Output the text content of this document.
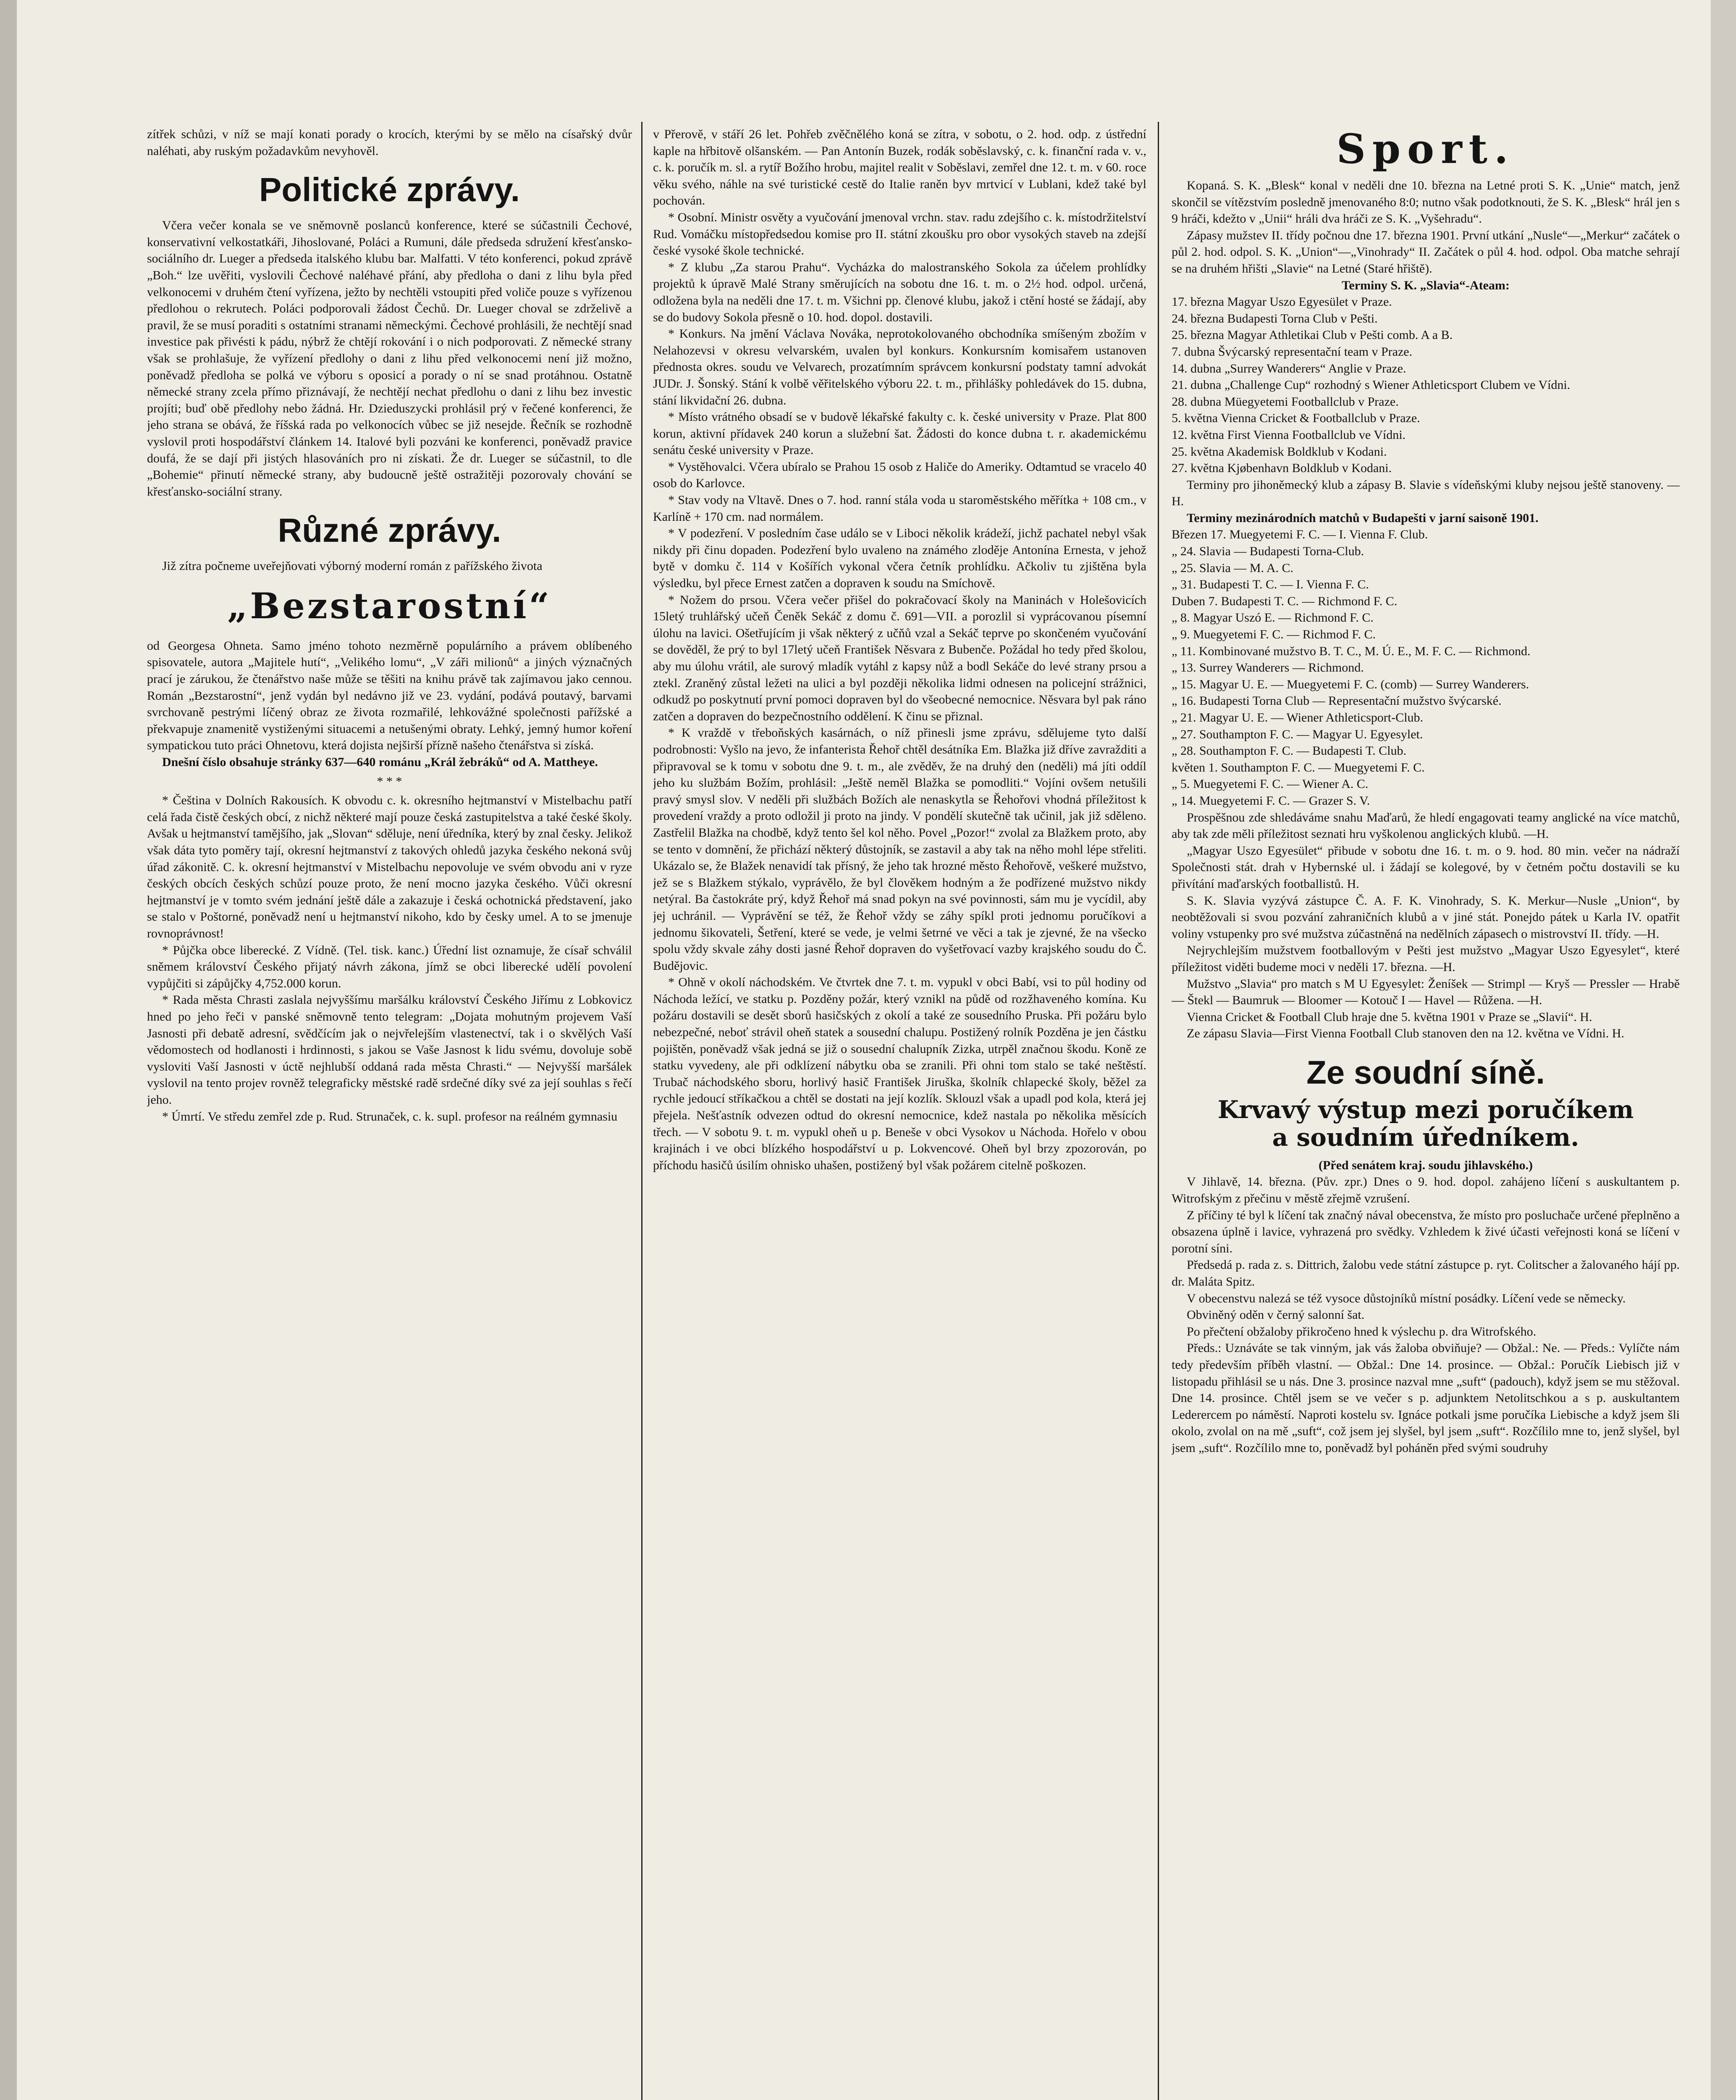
zítřek schůzi, v níž se mají konati porady o krocích, kterými by se mělo na císařský dvůr naléhati, aby ruským požadavkům nevyhověl.

Politické zprávy.

Včera večer konala se ve sněmovně poslanců konference, které se súčastnili Čechové, konservativní velkostatkáři, Jihoslované, Poláci a Rumuni, dále předseda sdružení křesťansko-sociálního dr. Lueger a předseda italského klubu bar. Malfatti. V této konferenci, pokud zprávě „Boh.“ lze uvěřiti, vyslovili Čechové naléhavé přání, aby předloha o dani z lihu byla před velkonocemi v druhém čtení vyřízena, ježto by nechtěli vstoupiti před voliče pouze s vyřízenou předlohou o rekrutech. Poláci podporovali žádost Čechů. Dr. Lueger choval se zdrželivě a pravil, že se musí poraditi s ostatními stranami německými. Čechové prohlásili, že nechtějí snad investice pak přivésti k pádu, nýbrž že chtějí rokování i o nich podporovati. Z německé strany však se prohlašuje, že vyřízení předlohy o dani z lihu před velkonocemi není již možno, poněvadž předloha se polká ve výboru s oposicí a porady o ní se snad protáhnou. Ostatně německé strany zcela přímo přiznávají, že nechtějí nechat předlohu o dani z lihu bez investic projíti; buď obě předlohy nebo žádná. Hr. Dzieduszycki prohlásil prý v řečené konferenci, že jeho strana se obává, že říšská rada po velkonocích vůbec se již nesejde. Řečník se rozhodně vyslovil proti hospodářství článkem 14. Italové byli pozváni ke konferenci, poněvadž pravice doufá, že se dají při jistých hlasováních pro ni získati. Že dr. Lueger se súčastnil, to dle „Bohemie“ přinutí německé strany, aby budoucně ještě ostražitěji pozorovaly chování se křesťansko-sociální strany.

Různé zprávy.

Již zítra počneme uveřejňovati výborný moderní román z pařížského života

„Bezstarostní“

od Georgesa Ohneta. Samo jméno tohoto nezměrně populárního a právem oblíbeného spisovatele, autora „Majitele hutí“, „Velikého lomu“, „V záři milionů“ a jiných význačných prací je zárukou, že čtenářstvo naše může se těšiti na knihu právě tak zajímavou jako cennou. Román „Bezstarostní“, jenž vydán byl nedávno již ve 23. vydání, podává poutavý, barvami svrchovaně pestrými líčený obraz ze života rozmařilé, lehkovážné společnosti pařížské a překvapuje znamenitě vystiženými situacemi a netušenými obraty. Lehký, jemný humor koření sympatickou tuto práci Ohnetovu, která dojista nejširší přízně našeho čtenářstva si získá.

Dnešní číslo obsahuje stránky 637—640 románu „Král žebráků“ od A. Mattheye.

* * *

* Čeština v Dolních Rakousích. K obvodu c. k. okresního hejtmanství v Mistelbachu patří celá řada čistě českých obcí, z nichž některé mají pouze česká zastupitelstva a také české školy. Avšak u hejtmanství tamějšího, jak „Slovan“ sděluje, není úředníka, který by znal česky. Jelikož však dáta tyto poměry tají, okresní hejtmanství z takových ohledů jazyka českého nekoná svůj úřad zákonitě. C. k. okresní hejtmanství v Mistelbachu nepovoluje ve svém obvodu ani v ryze českých obcích českých schůzí pouze proto, že není mocno jazyka českého. Vůči okresní hejtmanství je v tomto svém jednání ještě dále a zakazuje i česká ochotnická představení, jako se stalo v Poštorné, poněvadž není u hejtmanství nikoho, kdo by česky umel. A to se jmenuje rovnoprávnost!

* Půjčka obce liberecké. Z Vídně. (Tel. tisk. kanc.) Úřední list oznamuje, že císař schválil sněmem království Českého přijatý návrh zákona, jímž se obci liberecké udělí povolení vypůjčiti si zápůjčky 4,752.000 korun.

* Rada města Chrasti zaslala nejvyššímu maršálku království Českého Jiřímu z Lobkovicz hned po jeho řeči v panské sněmovně tento telegram: „Dojata mohutným projevem Vaší Jasnosti při debatě adresní, svědčícím jak o nejvřelejším vlastenectví, tak i o skvělých Vaší vědomostech od hodlanosti i hrdinnosti, s jakou se Vaše Jasnost k lidu svému, dovoluje sobě vysloviti Vaší Jasnosti v úctě nejhlubší oddaná rada města Chrasti.“ — Nejvyšší maršálek vyslovil na tento projev rovněž telegraficky městské radě srdečné díky své za její souhlas s řečí jeho.

* Úmrtí. Ve středu zemřel zde p. Rud. Strunaček, c. k. supl. profesor na reálném gymnasiu

v Přerově, v stáří 26 let. Pohřeb zvěčnělého koná se zítra, v sobotu, o 2. hod. odp. z ústřední kaple na hřbitově olšanském. — Pan Antonín Buzek, rodák soběslavský, c. k. finanční rada v. v., c. k. poručík m. sl. a rytíř Božího hrobu, majitel realit v Soběslavi, zemřel dne 12. t. m. v 60. roce věku svého, náhle na své turistické cestě do Italie raněn byv mrtvicí v Lublani, kdež také byl pochován.

* Osobní. Ministr osvěty a vyučování jmenoval vrchn. stav. radu zdejšího c. k. místodržitelství Rud. Vomáčku místopředsedou komise pro II. státní zkoušku pro obor vysokých staveb na zdejší české vysoké škole technické.

* Z klubu „Za starou Prahu“. Vycházka do malostranského Sokola za účelem prohlídky projektů k úpravě Malé Strany směrujících na sobotu dne 16. t. m. o 2½ hod. odpol. určená, odložena byla na neděli dne 17. t. m. Všichni pp. členové klubu, jakož i ctění hosté se žádají, aby se do budovy Sokola přesně o 10. hod. dopol. dostavili.

* Konkurs. Na jmění Václava Nováka, neprotokolovaného obchodníka smíšeným zbožím v Nelahozevsi v okresu velvarském, uvalen byl konkurs. Konkursním komisařem ustanoven přednosta okres. soudu ve Velvarech, prozatímním správcem konkursní podstaty tamní advokát JUDr. J. Šonský. Stání k volbě věřitelského výboru 22. t. m., přihlášky pohledávek do 15. dubna, stání likvidační 26. dubna.

* Místo vrátného obsadí se v budově lékařské fakulty c. k. české university v Praze. Plat 800 korun, aktivní přídavek 240 korun a služební šat. Žádosti do konce dubna t. r. akademickému senátu české university v Praze.

* Vystěhovalci. Včera ubíralo se Prahou 15 osob z Haliče do Ameriky. Odtamtud se vracelo 40 osob do Karlovce.

* Stav vody na Vltavě. Dnes o 7. hod. ranní stála voda u staroměstského měřítka + 108 cm., v Karlíně + 170 cm. nad normálem.

* V podezření. V posledním čase událo se v Liboci několik krádeží, jichž pachatel nebyl však nikdy při činu dopaden. Podezření bylo uvaleno na známého zloděje Antonína Ernesta, v jehož bytě v domku č. 114 v Košířích vykonal včera četník prohlídku. Ačkoliv tu zjištěna byla výsledku, byl přece Ernest zatčen a dopraven k soudu na Smíchově.

* Nožem do prsou. Včera večer přišel do pokračovací školy na Maninách v Holešovicích 15letý truhlářský učeň Čeněk Sekáč z domu č. 691—VII. a porozlil si vyprácovanou písemní úlohu na lavici. Ošetřujícím ji však některý z učňů vzal a Sekáč teprve po skončeném vyučování se dověděl, že prý to byl 17letý učeň František Něsvara z Bubenče. Požádal ho tedy před školou, aby mu úlohu vrátil, ale surový mladík vytáhl z kapsy nůž a bodl Sekáče do levé strany prsou a ztekl. Zraněný zůstal ležeti na ulici a byl později několika lidmi odnesen na policejní strážnici, odkudž po poskytnutí první pomoci dopraven byl do všeobecné nemocnice. Něsvara byl pak ráno zatčen a dopraven do bezpečnostního oddělení. K činu se přiznal.

* K vraždě v třeboňských kasárnách, o níž přinesli jsme zprávu, sdělujeme tyto další podrobnosti: Vyšlo na jevo, že infanterista Řehoř chtěl desátníka Em. Blažka již dříve zavražditi a připravoval se k tomu v sobotu dne 9. t. m., ale zvěděv, že na druhý den (neděli) má jíti oddíl jeho ku službám Božím, prohlásil: „Ještě neměl Blažka se pomodliti.“ Vojíni ovšem netušili pravý smysl slov. V neděli při službách Božích ale nenaskytla se Řehořovi vhodná příležitost k provedení vraždy a proto odložil ji proto na jindy. V pondělí skutečně tak učinil, jak již sděleno. Zastřelil Blažka na chodbě, když tento šel kol něho. Povel „Pozor!“ zvolal za Blažkem proto, aby se tento v domnění, že přichází některý důstojník, se zastavil a aby tak na něho mohl lépe střeliti. Ukázalo se, že Blažek nenavidí tak přísný, že jeho tak hrozné město Řehořově, veškeré mužstvo, jež se s Blažkem stýkalo, vyprávělo, že byl člověkem hodným a že podřízené mužstvo nikdy netýral. Ba častokráte prý, když Řehoř má snad pokyn na své povinnosti, sám mu je vycídil, aby jej uchránil. — Vyprávění se též, že Řehoř vždy se záhy spíkl proti jednomu poručíkovi a jednomu šikovateli, Šetření, které se vede, je velmi šetrné ve věci a tak je zjevné, že na všecko spolu vždy skvale záhy dosti jasné Řehoř dopraven do vyšetřovací vazby krajského soudu do Č. Budějovic.

* Ohně v okolí náchodském. Ve čtvrtek dne 7. t. m. vypukl v obci Babí, vsi to půl hodiny od Náchoda ležící, ve statku p. Pozděny požár, který vznikl na půdě od rozžhaveného komína. Ku požáru dostavili se desět sborů hasičských z okolí a také ze sousedního Pruska. Při požáru bylo nebezpečné, neboť strávil oheň statek a sousední chalupu. Postižený rolník Pozděna je jen částku pojištěn, poněvadž však jedná se již o sousední chalupník Zizka, utrpěl značnou škodu. Koně ze statku vyvedeny, ale při odklízení nábytku oba se zranili. Při ohni tom stalo se také neštěstí. Trubač náchodského sboru, horlivý hasič František Jiruška, školník chlapecké školy, běžel za rychle jedoucí stříkačkou a chtěl se dostati na její kozlík. Sklouzl však a upadl pod kola, která jej přejela. Nešťastník odvezen odtud do okresní nemocnice, kdež nastala po několika měsících třech. — V sobotu 9. t. m. vypukl oheň u p. Beneše v obci Vysokov u Náchoda. Hořelo v obou krajinách i ve obci blízkého hospodářství u p. Lokvencové. Oheň byl brzy zpozorován, po příchodu hasičů úsilím ohnisko uhašen, postižený byl však požárem citelně poškozen.

Sport.

Kopaná. S. K. „Blesk“ konal v neděli dne 10. března na Letné proti S. K. „Unie“ match, jenž skončil se vítězstvím posledně jmenovaného 8:0; nutno však podotknouti, že S. K. „Blesk“ hrál jen s 9 hráči, kdežto v „Unii“ hráli dva hráči ze S. K. „Vyšehradu“.

Zápasy mužstev II. třídy počnou dne 17. března 1901. První utkání „Nusle“—„Merkur“ začátek o půl 2. hod. odpol. S. K. „Union“—„Vinohrady“ II. Začátek o půl 4. hod. odpol. Oba matche sehrají se na druhém hřišti „Slavie“ na Letné (Staré hřiště).

Terminy S. K. „Slavia“-Ateam:

17. března Magyar Uszo Egyesület v Praze.
24. března Budapesti Torna Club v Pešti.
25. března Magyar Athletikai Club v Pešti comb. A a B.
7. dubna Švýcarský representační team v Praze.
14. dubna „Surrey Wanderers“ Anglie v Praze.
21. dubna „Challenge Cup“ rozhodný s Wiener Athleticsport Clubem ve Vídni.
28. dubna Müegyetemi Footballclub v Praze.
5. května Vienna Cricket & Footballclub v Praze.
12. května First Vienna Footballclub ve Vídni.
25. května Akademisk Boldklub v Kodani.
27. května Kjøbenhavn Boldklub v Kodani.

Terminy pro jihoněmecký klub a zápasy B. Slavie s vídeňskými kluby nejsou ještě stanoveny. —H.

Terminy mezinárodních matchů v Budapešti v jarní saisoně 1901.

Březen 17. Muegyetemi F. C. — I. Vienna F. Club.
„ 24. Slavia — Budapesti Torna-Club.
„ 25. Slavia — M. A. C.
„ 31. Budapesti T. C. — I. Vienna F. C.
Duben 7. Budapesti T. C. — Richmond F. C.
„ 8. Magyar Uszó E. — Richmond F. C.
„ 9. Muegyetemi F. C. — Richmod F. C.
„ 11. Kombinované mužstvo B. T. C., M. Ú. E., M. F. C. — Richmond.
„ 13. Surrey Wanderers — Richmond.
„ 15. Magyar U. E. — Muegyetemi F. C. (comb) — Surrey Wanderers.
„ 16. Budapesti Torna Club — Representační mužstvo švýcarské.
„ 21. Magyar U. E. — Wiener Athleticsport-Club.
„ 27. Southampton F. C. — Magyar U. Egyesylet.
„ 28. Southampton F. C. — Budapesti T. Club.
květen 1. Southampton F. C. — Muegyetemi F. C.
„ 5. Muegyetemi F. C. — Wiener A. C.
„ 14. Muegyetemi F. C. — Grazer S. V.

Prospěšnou zde shledáváme snahu Maďarů, že hledí engagovati teamy anglické na více matchů, aby tak zde měli příležitost seznati hru vyškolenou anglických klubů. —H.

„Magyar Uszo Egyesület“ přibude v sobotu dne 16. t. m. o 9. hod. 80 min. večer na nádraží Společnosti stát. drah v Hybernské ul. i žádají se kolegové, by v četném počtu dostavili se ku přivítání maďarských footballistů. H.

S. K. Slavia vyzývá zástupce Č. A. F. K. Vinohrady, S. K. Merkur—Nusle „Union“, by neobtěžovali si svou pozvání zahraničních klubů a v jiné stát. Ponejdo pátek u Karla IV. opatřit voliny vstupenky pro své mužstva zúčastněná na nedělních zápasech o mistrovství II. třídy. —H.

Nejrychlejším mužstvem footballovým v Pešti jest mužstvo „Magyar Uszo Egyesylet“, které příležitost viděti budeme moci v neděli 17. března. —H.

Mužstvo „Slavia“ pro match s M U Egyesylet: Ženíšek — Strimpl — Kryš — Pressler — Hrabě — Štekl — Baumruk — Bloomer — Kotouč I — Havel — Růžena. —H.

Vienna Cricket & Football Club hraje dne 5. května 1901 v Praze se „Slavií“. H.

Ze zápasu Slavia—First Vienna Football Club stanoven den na 12. května ve Vídni. H.

Ze soudní síně.
Krvavý výstup mezi poručíkem
a soudním úředníkem.

(Před senátem kraj. soudu jihlavského.)

V Jihlavě, 14. března. (Pův. zpr.) Dnes o 9. hod. dopol. zahájeno líčení s auskultantem p. Witrofským z přečinu v městě zřejmě vzrušení.

Z příčiny té byl k líčení tak značný nával obecenstva, že místo pro posluchače určené přeplněno a obsazena úplně i lavice, vyhrazená pro svědky. Vzhledem k živé účasti veřejnosti koná se líčení v porotní síni.

Předsedá p. rada z. s. Dittrich, žalobu vede státní zástupce p. ryt. Colitscher a žalovaného hájí pp. dr. Maláta Spitz.

V obecenstvu nalezá se též vysoce důstojníků místní posádky. Líčení vede se německy.

Obviněný oděn v černý salonní šat.

Po přečtení obžaloby přikročeno hned k výslechu p. dra Witrofského.

Předs.: Uznáváte se tak vinným, jak vás žaloba obviňuje? — Obžal.: Ne. — Předs.: Vylíčte nám tedy především příběh vlastní. — Obžal.: Dne 14. prosince. — Obžal.: Poručík Liebisch již v listopadu přihlásil se u nás. Dne 3. prosince nazval mne „suft“ (padouch), když jsem se mu stěžoval. Dne 14. prosince. Chtěl jsem se ve večer s p. adjunktem Netolitschkou a s p. auskultantem Lederercem po náměstí. Naproti kostelu sv. Ignáce potkali jsme poručíka Liebische a když jsem šli okolo, zvolal on na mě „suft“, což jsem jej slyšel, byl jsem „suft“. Rozčílilo mne to, jenž slyšel, byl jsem „suft“. Rozčílilo mne to, poněvadž byl poháněn před svými soudruhy
